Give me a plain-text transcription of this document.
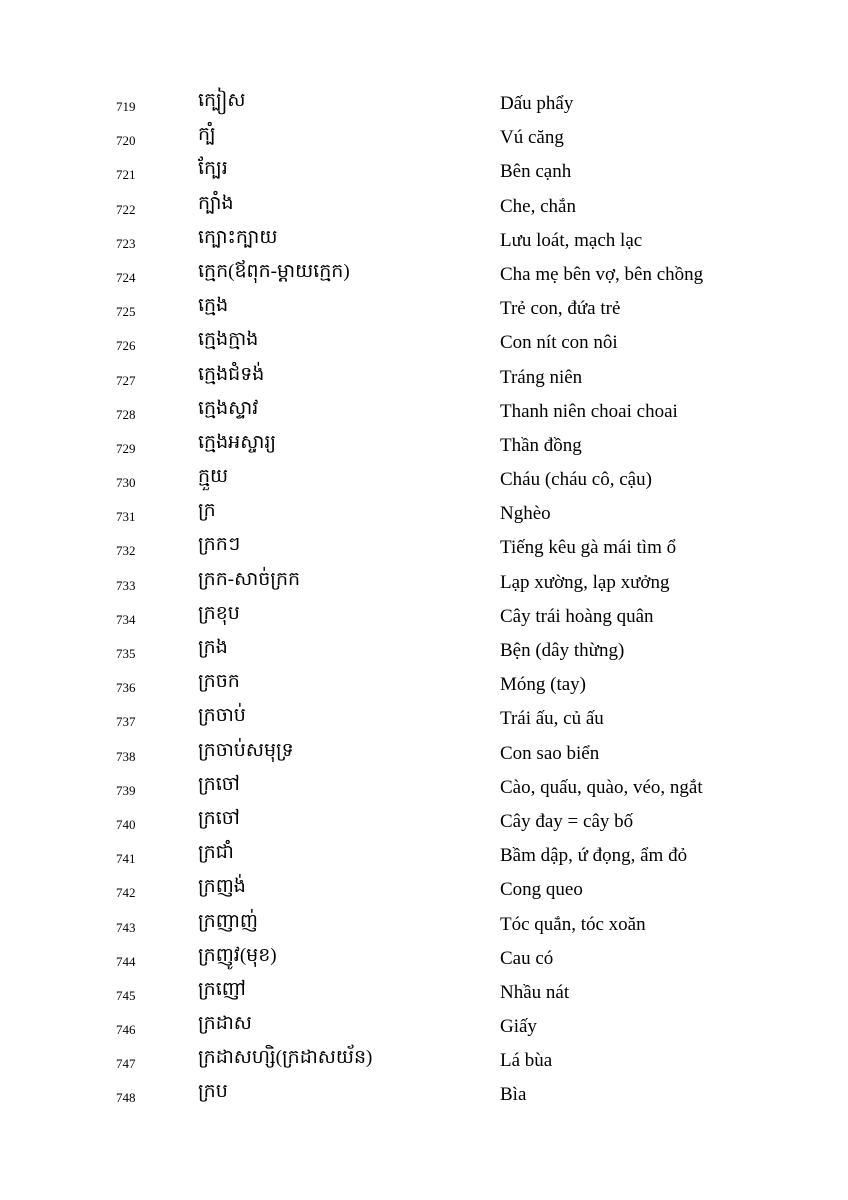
719	ក្បៀស	Dấu phẩy
720	ក្បំ	Vú căng
721	ក្បែរ	Bên cạnh
722	ក្បាំង	Che, chắn
723	ក្បោះក្បាយ	Lưu loát, mạch lạc
724	ក្មេក(ឪពុក-ម្តាយក្មេក)	Cha mẹ bên vợ, bên chồng
725	ក្មេង	Trẻ con, đứa trẻ
726	ក្មេងក្មាង	Con nít con nôi
727	ក្មេងជំទង់	Tráng niên
728	ក្មេងស្ទាវ	Thanh niên choai choai
729	ក្មេងអស្ចារ្យ	Thần đồng
730	ក្មួយ	Cháu (cháu cô, cậu)
731	ក្រ	Nghèo
732	ក្រកៗ	Tiếng kêu gà mái tìm ổ
733	ក្រក-សាច់ក្រក	Lạp xường, lạp xưởng
734	ក្រខុប	Cây trái hoàng quân
735	ក្រង	Bện (dây thừng)
736	ក្រចក	Móng (tay)
737	ក្រចាប់	Trái ấu, củ ấu
738	ក្រចាប់សមុទ្រ	Con sao biển
739	ក្រចៅ	Cào, quấu, quào, véo, ngắt
740	ក្រចៅ	Cây đay = cây bố
741	ក្រជាំ	Bầm dập, ứ đọng, ẩm đỏ
742	ក្រញង់	Cong queo
743	ក្រញាញ់	Tóc quắn, tóc xoăn
744	ក្រញូវ(មុខ)	Cau có
745	ក្រញៅ	Nhầu nát
746	ក្រដាស	Giấy
747	ក្រដាសហ្សិ(ក្រដាសយ័ន)	Lá bùa
748	ក្រប	Bìa
